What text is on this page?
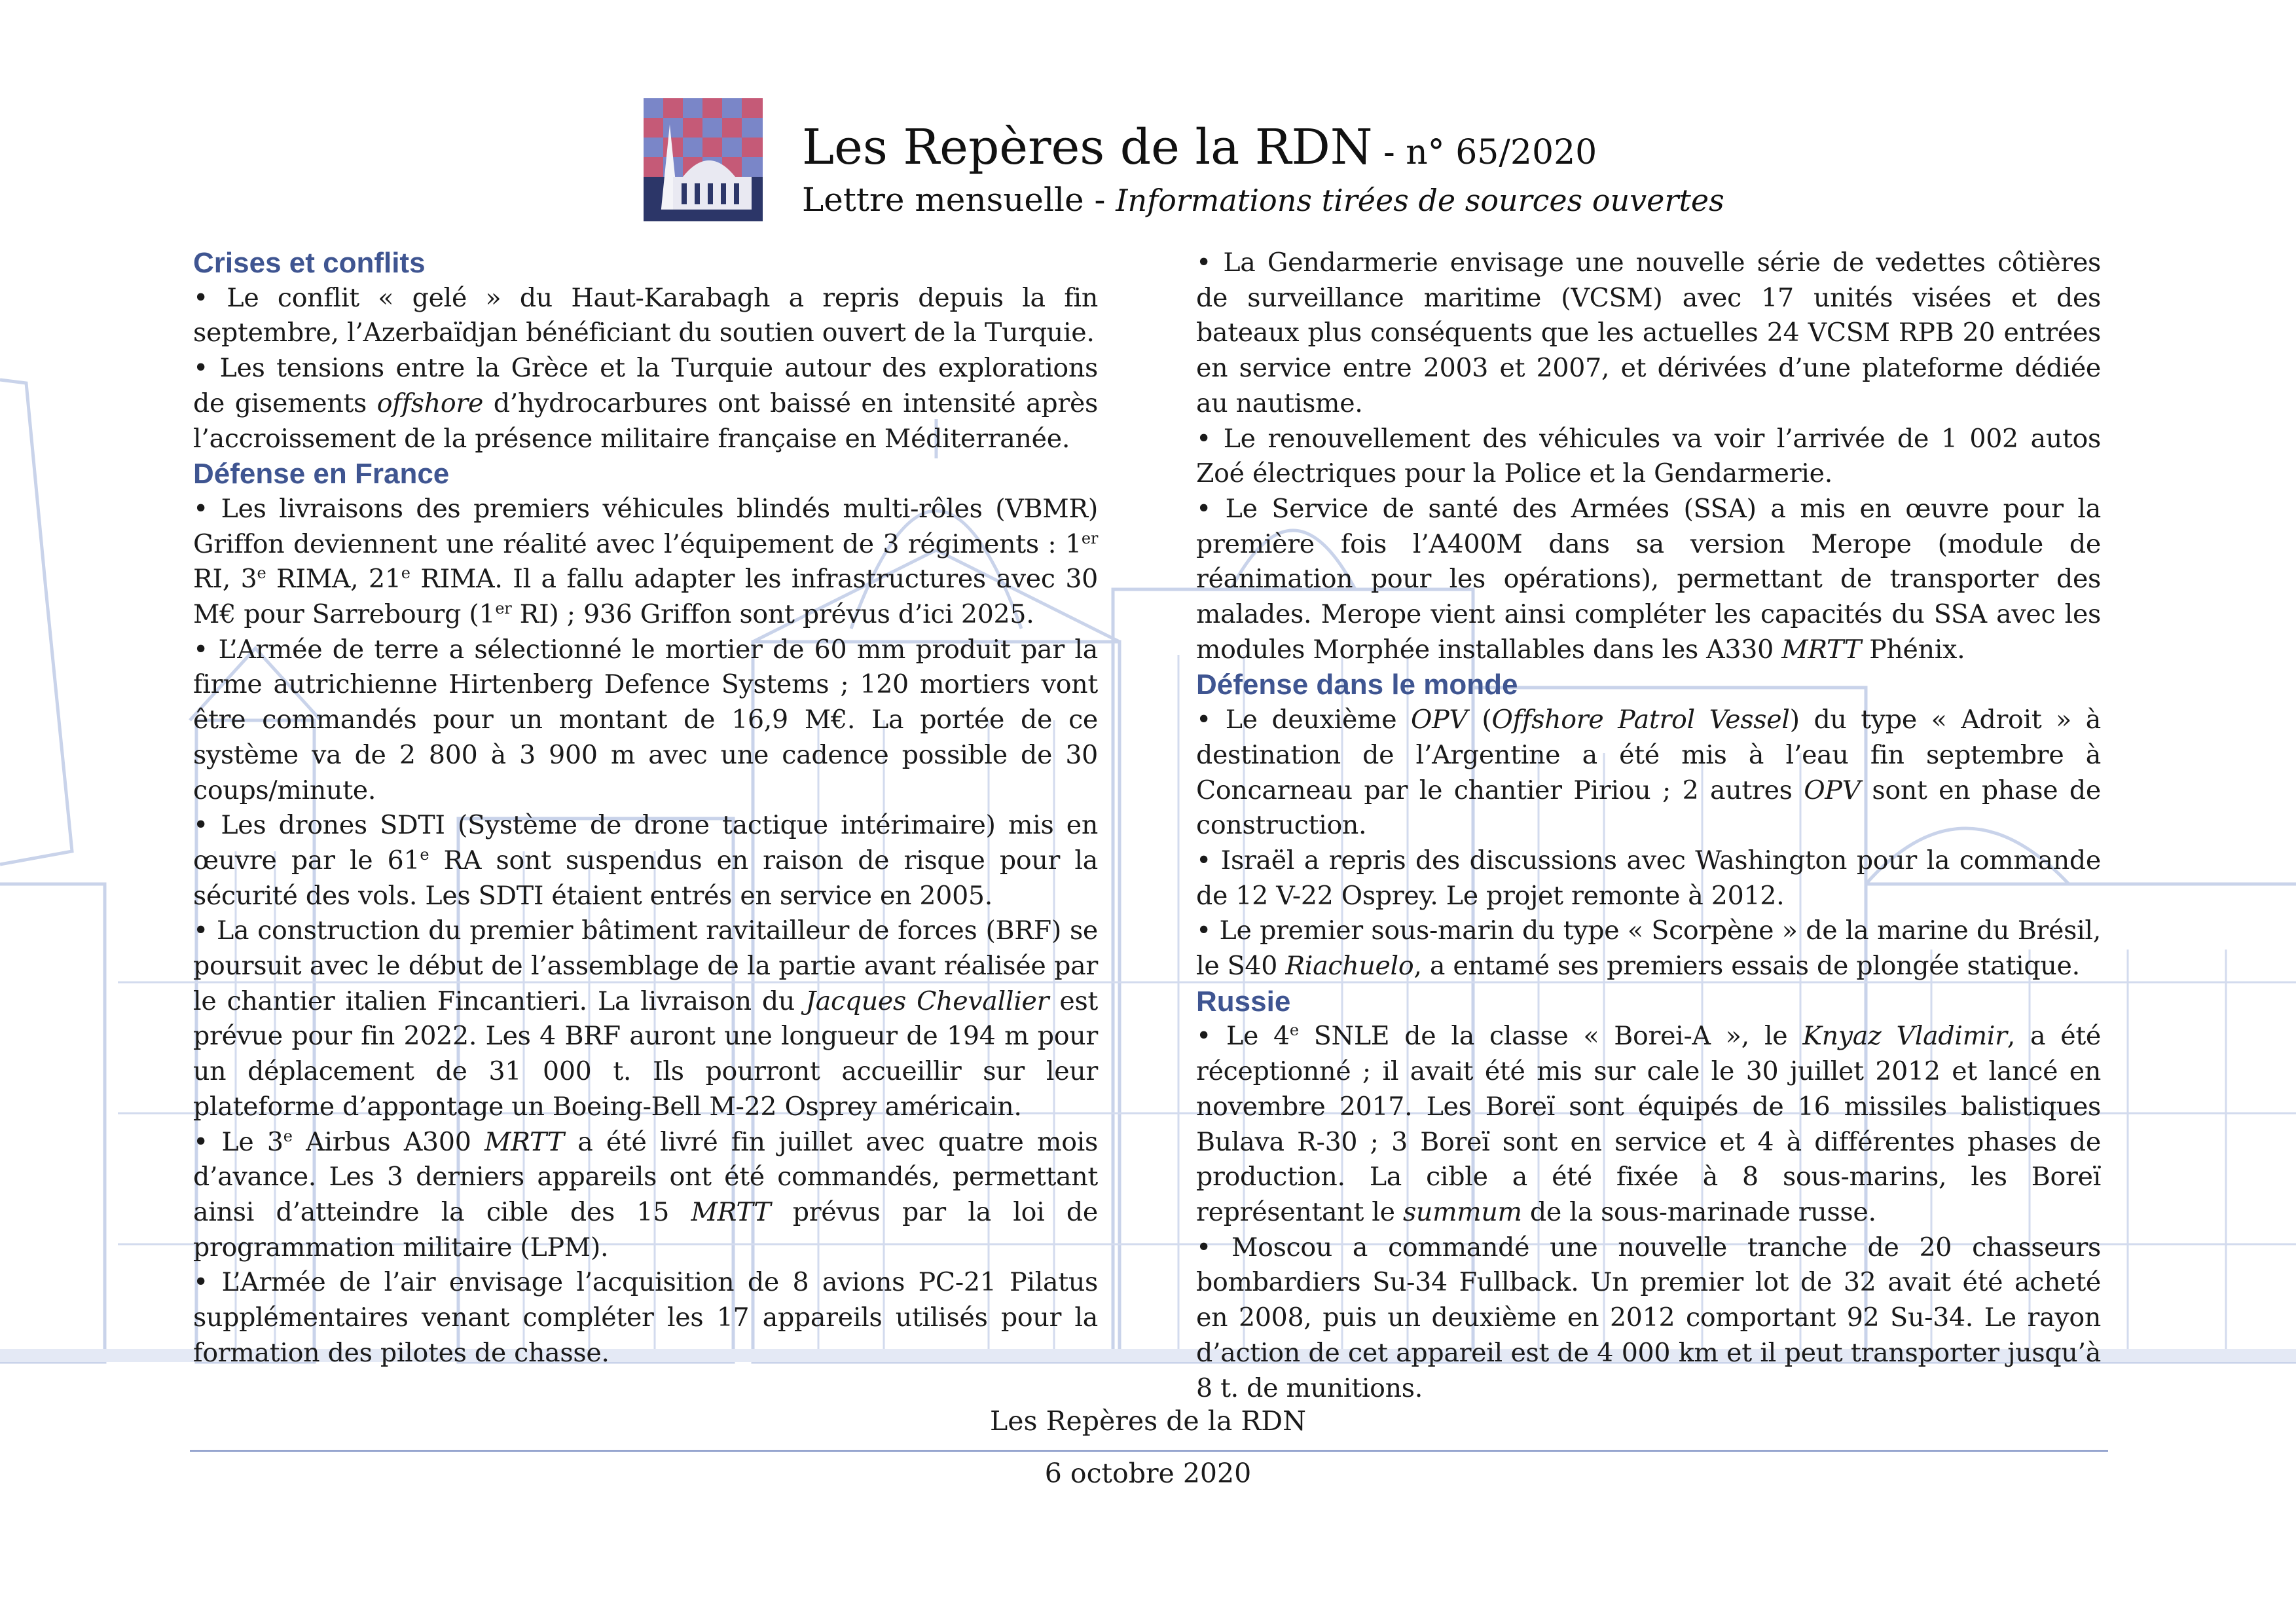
Les Repères de la RDN - n° 65/2020
Lettre mensuelle - Informations tirées de sources ouvertes
Crises et conflits

• Le conflit « gelé » du Haut-Karabagh a repris depuis la fin septembre, l’Azerbaïdjan bénéficiant du soutien ouvert de la Turquie.

• Les tensions entre la Grèce et la Turquie autour des explorations de gisements offshore d’hydrocarbures ont baissé en intensité après l’accroissement de la présence militaire française en Méditerranée.

Défense en France

• Les livraisons des premiers véhicules blindés multi-rôles (VBMR) Griffon deviennent une réalité avec l’équipement de 3 régiments : 1er RI, 3e RIMA, 21e RIMA. Il a fallu adapter les infrastructures avec 30 M€ pour Sarrebourg (1er RI) ; 936 Griffon sont prévus d’ici 2025.

• L’Armée de terre a sélectionné le mortier de 60 mm produit par la firme autrichienne Hirtenberg Defence Systems ; 120 mortiers vont être commandés pour un montant de 16,9 M€. La portée de ce système va de 2 800 à 3 900 m avec une cadence possible de 30 coups/minute.

• Les drones SDTI (Système de drone tactique intérimaire) mis en œuvre par le 61e RA sont suspendus en raison de risque pour la sécurité des vols. Les SDTI étaient entrés en service en 2005.

• La construction du premier bâtiment ravitailleur de forces (BRF) se poursuit avec le début de l’assemblage de la partie avant réalisée par le chantier italien Fincantieri. La livraison du Jacques Chevallier est prévue pour fin 2022. Les 4 BRF auront une longueur de 194 m pour un déplacement de 31 000 t. Ils pourront accueillir sur leur plateforme d’appontage un Boeing-Bell M-22 Osprey américain.

• Le 3e Airbus A300 MRTT a été livré fin juillet avec quatre mois d’avance. Les 3 derniers appareils ont été commandés, permettant ainsi d’atteindre la cible des 15 MRTT prévus par la loi de programmation militaire (LPM).

• L’Armée de l’air envisage l’acquisition de 8 avions PC-21 Pilatus supplémentaires venant compléter les 17 appareils utilisés pour la formation des pilotes de chasse.

• La Gendarmerie envisage une nouvelle série de vedettes côtières de surveillance maritime (VCSM) avec 17 unités visées et des bateaux plus conséquents que les actuelles 24 VCSM RPB 20 entrées en service entre 2003 et 2007, et dérivées d’une plateforme dédiée au nautisme.

• Le renouvellement des véhicules va voir l’arrivée de 1 002 autos Zoé électriques pour la Police et la Gendarmerie.

• Le Service de santé des Armées (SSA) a mis en œuvre pour la première fois l’A400M dans sa version Merope (module de réanimation pour les opérations), permettant de transporter des malades. Merope vient ainsi compléter les capacités du SSA avec les modules Morphée installables dans les A330 MRTT Phénix.

Défense dans le monde

• Le deuxième OPV (Offshore Patrol Vessel) du type « Adroit » à destination de l’Argentine a été mis à l’eau fin septembre à Concarneau par le chantier Piriou ; 2 autres OPV sont en phase de construction.

• Israël a repris des discussions avec Washington pour la commande de 12 V-22 Osprey. Le projet remonte à 2012.

• Le premier sous-marin du type « Scorpène » de la marine du Brésil, le S40 Riachuelo, a entamé ses premiers essais de plongée statique.

Russie

• Le 4e SNLE de la classe « Borei-A », le Knyaz Vladimir, a été réceptionné ; il avait été mis sur cale le 30 juillet 2012 et lancé en novembre 2017. Les Boreï sont équipés de 16 missiles balistiques Bulava R-30 ; 3 Boreï sont en service et 4 à différentes phases de production. La cible a été fixée à 8 sous-marins, les Boreï représentant le summum de la sous-marinade russe.

• Moscou a commandé une nouvelle tranche de 20 chasseurs bombardiers Su-34 Fullback. Un premier lot de 32 avait été acheté en 2008, puis un deuxième en 2012 comportant 92 Su-34. Le rayon d’action de cet appareil est de 4 000 km et il peut transporter jusqu’à 8 t. de munitions.

Les Repères de la RDN
6 octobre 2020
